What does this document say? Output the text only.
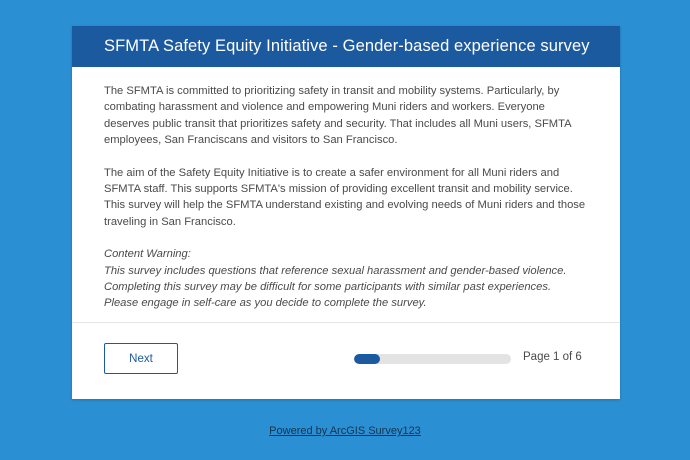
SFMTA Safety Equity Initiative - Gender-based experience survey

The SFMTA is committed to prioritizing safety in transit and mobility systems. Particularly, by combating harassment and violence and empowering Muni riders and workers. Everyone deserves public transit that prioritizes safety and security. That includes all Muni users, SFMTA employees, San Franciscans and visitors to San Francisco.

The aim of the Safety Equity Initiative is to create a safer environment for all Muni riders and SFMTA staff. This supports SFMTA's mission of providing excellent transit and mobility service. This survey will help the SFMTA understand existing and evolving needs of Muni riders and those traveling in San Francisco.

Content Warning:
This survey includes questions that reference sexual harassment and gender-based violence. Completing this survey may be difficult for some participants with similar past experiences. Please engage in self-care as you decide to complete the survey.
Next	Page 1 of 6
Powered by ArcGIS Survey123
